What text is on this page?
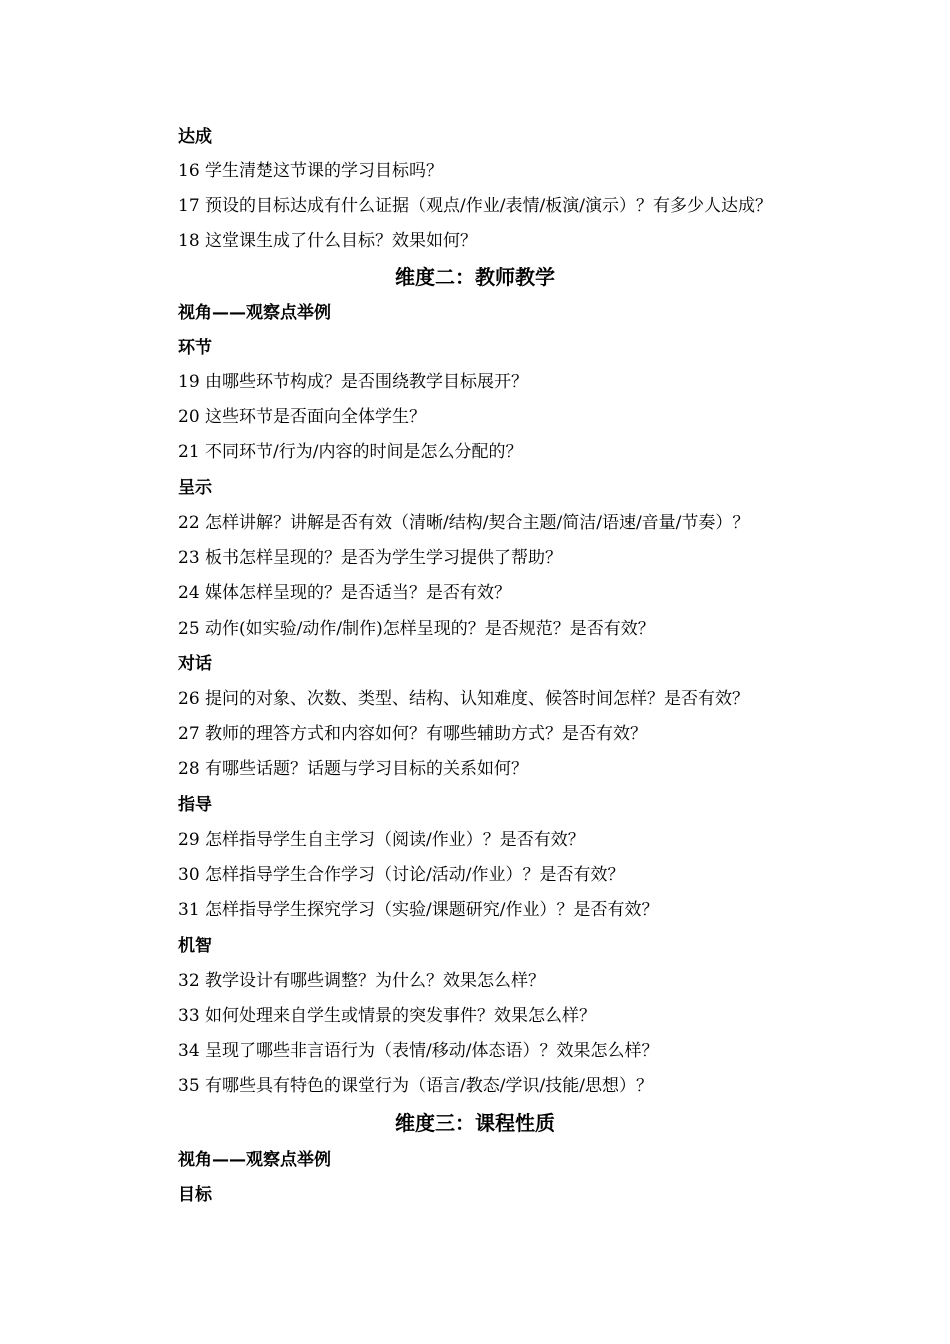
达成
16 学生清楚这节课的学习目标吗？
17 预设的目标达成有什么证据（观点/作业/表情/板演/演示）？有多少人达成？
18 这堂课生成了什么目标？效果如何？
维度二：教师教学
视角——观察点举例
环节
19 由哪些环节构成？是否围绕教学目标展开？
20 这些环节是否面向全体学生？
21 不同环节/行为/内容的时间是怎么分配的？
呈示
22 怎样讲解？讲解是否有效（清晰/结构/契合主题/简洁/语速/音量/节奏）？
23 板书怎样呈现的？是否为学生学习提供了帮助？
24 媒体怎样呈现的？是否适当？是否有效？
25 动作(如实验/动作/制作)怎样呈现的？是否规范？是否有效？
对话
26 提问的对象、次数、类型、结构、认知难度、候答时间怎样？是否有效？
27 教师的理答方式和内容如何？有哪些辅助方式？是否有效？
28 有哪些话题？话题与学习目标的关系如何？
指导
29 怎样指导学生自主学习（阅读/作业）？是否有效？
30 怎样指导学生合作学习（讨论/活动/作业）？是否有效？
31 怎样指导学生探究学习（实验/课题研究/作业）？是否有效？
机智
32 教学设计有哪些调整？为什么？效果怎么样？
33 如何处理来自学生或情景的突发事件？效果怎么样？
34 呈现了哪些非言语行为（表情/移动/体态语）？效果怎么样？
35 有哪些具有特色的课堂行为（语言/教态/学识/技能/思想）？
维度三：课程性质
视角——观察点举例
目标
